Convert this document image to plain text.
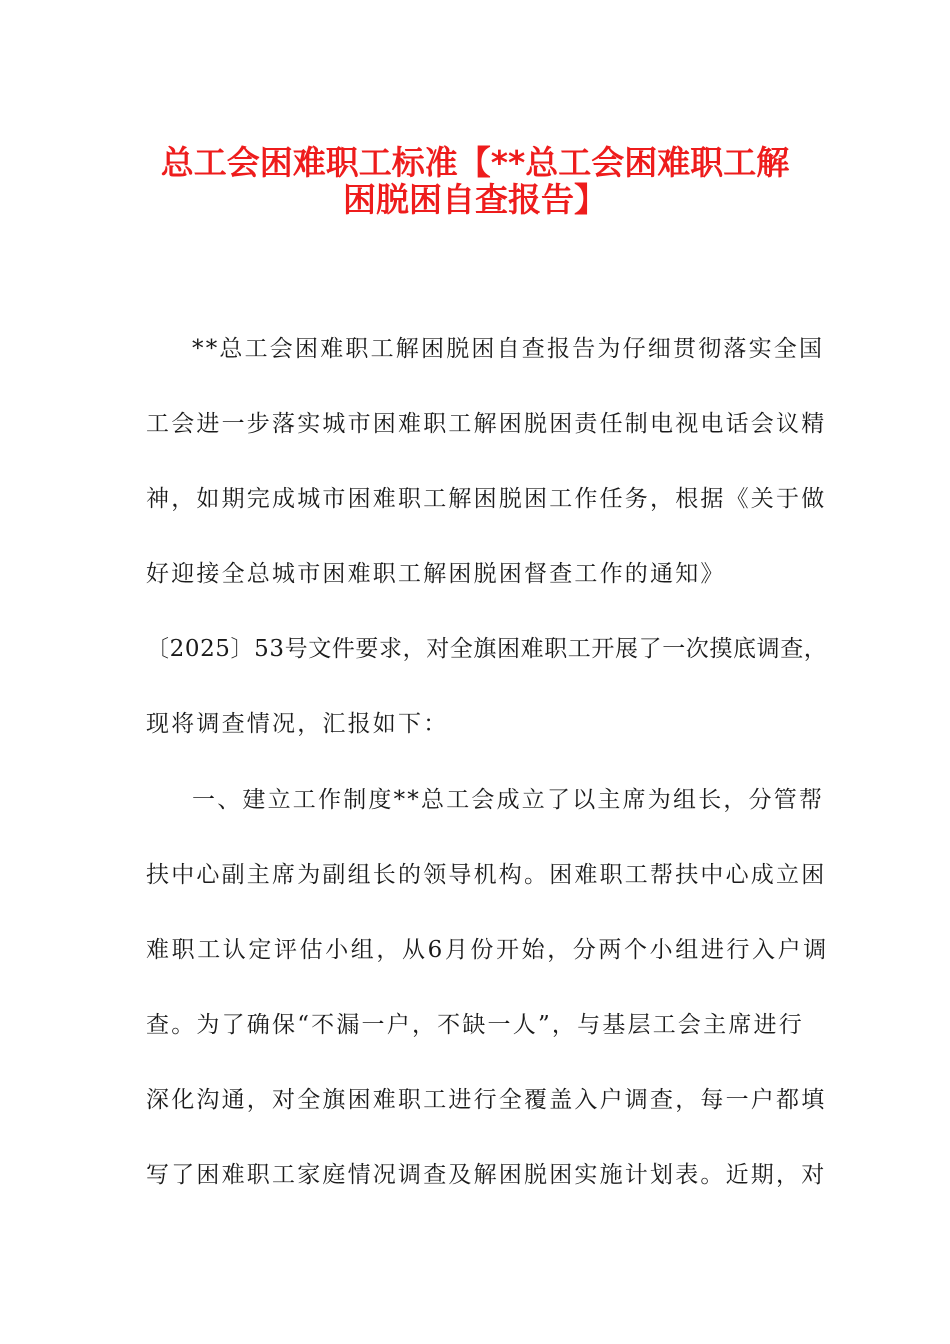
总工会困难职工标准【**总工会困难职工解
困脱困自查报告】
**总工会困难职工解困脱困自查报告为仔细贯彻落实全国
工会进一步落实城市困难职工解困脱困责任制电视电话会议精
神，如期完成城市困难职工解困脱困工作任务，根据《关于做
好迎接全总城市困难职工解困脱困督查工作的通知》
〔2025〕53号文件要求，对全旗困难职工开展了一次摸底调查，
现将调查情况，汇报如下：
一、建立工作制度**总工会成立了以主席为组长，分管帮
扶中心副主席为副组长的领导机构。困难职工帮扶中心成立困
难职工认定评估小组，从6月份开始，分两个小组进行入户调
查。为了确保“不漏一户，不缺一人”，与基层工会主席进行
深化沟通，对全旗困难职工进行全覆盖入户调查，每一户都填
写了困难职工家庭情况调查及解困脱困实施计划表。近期，对
